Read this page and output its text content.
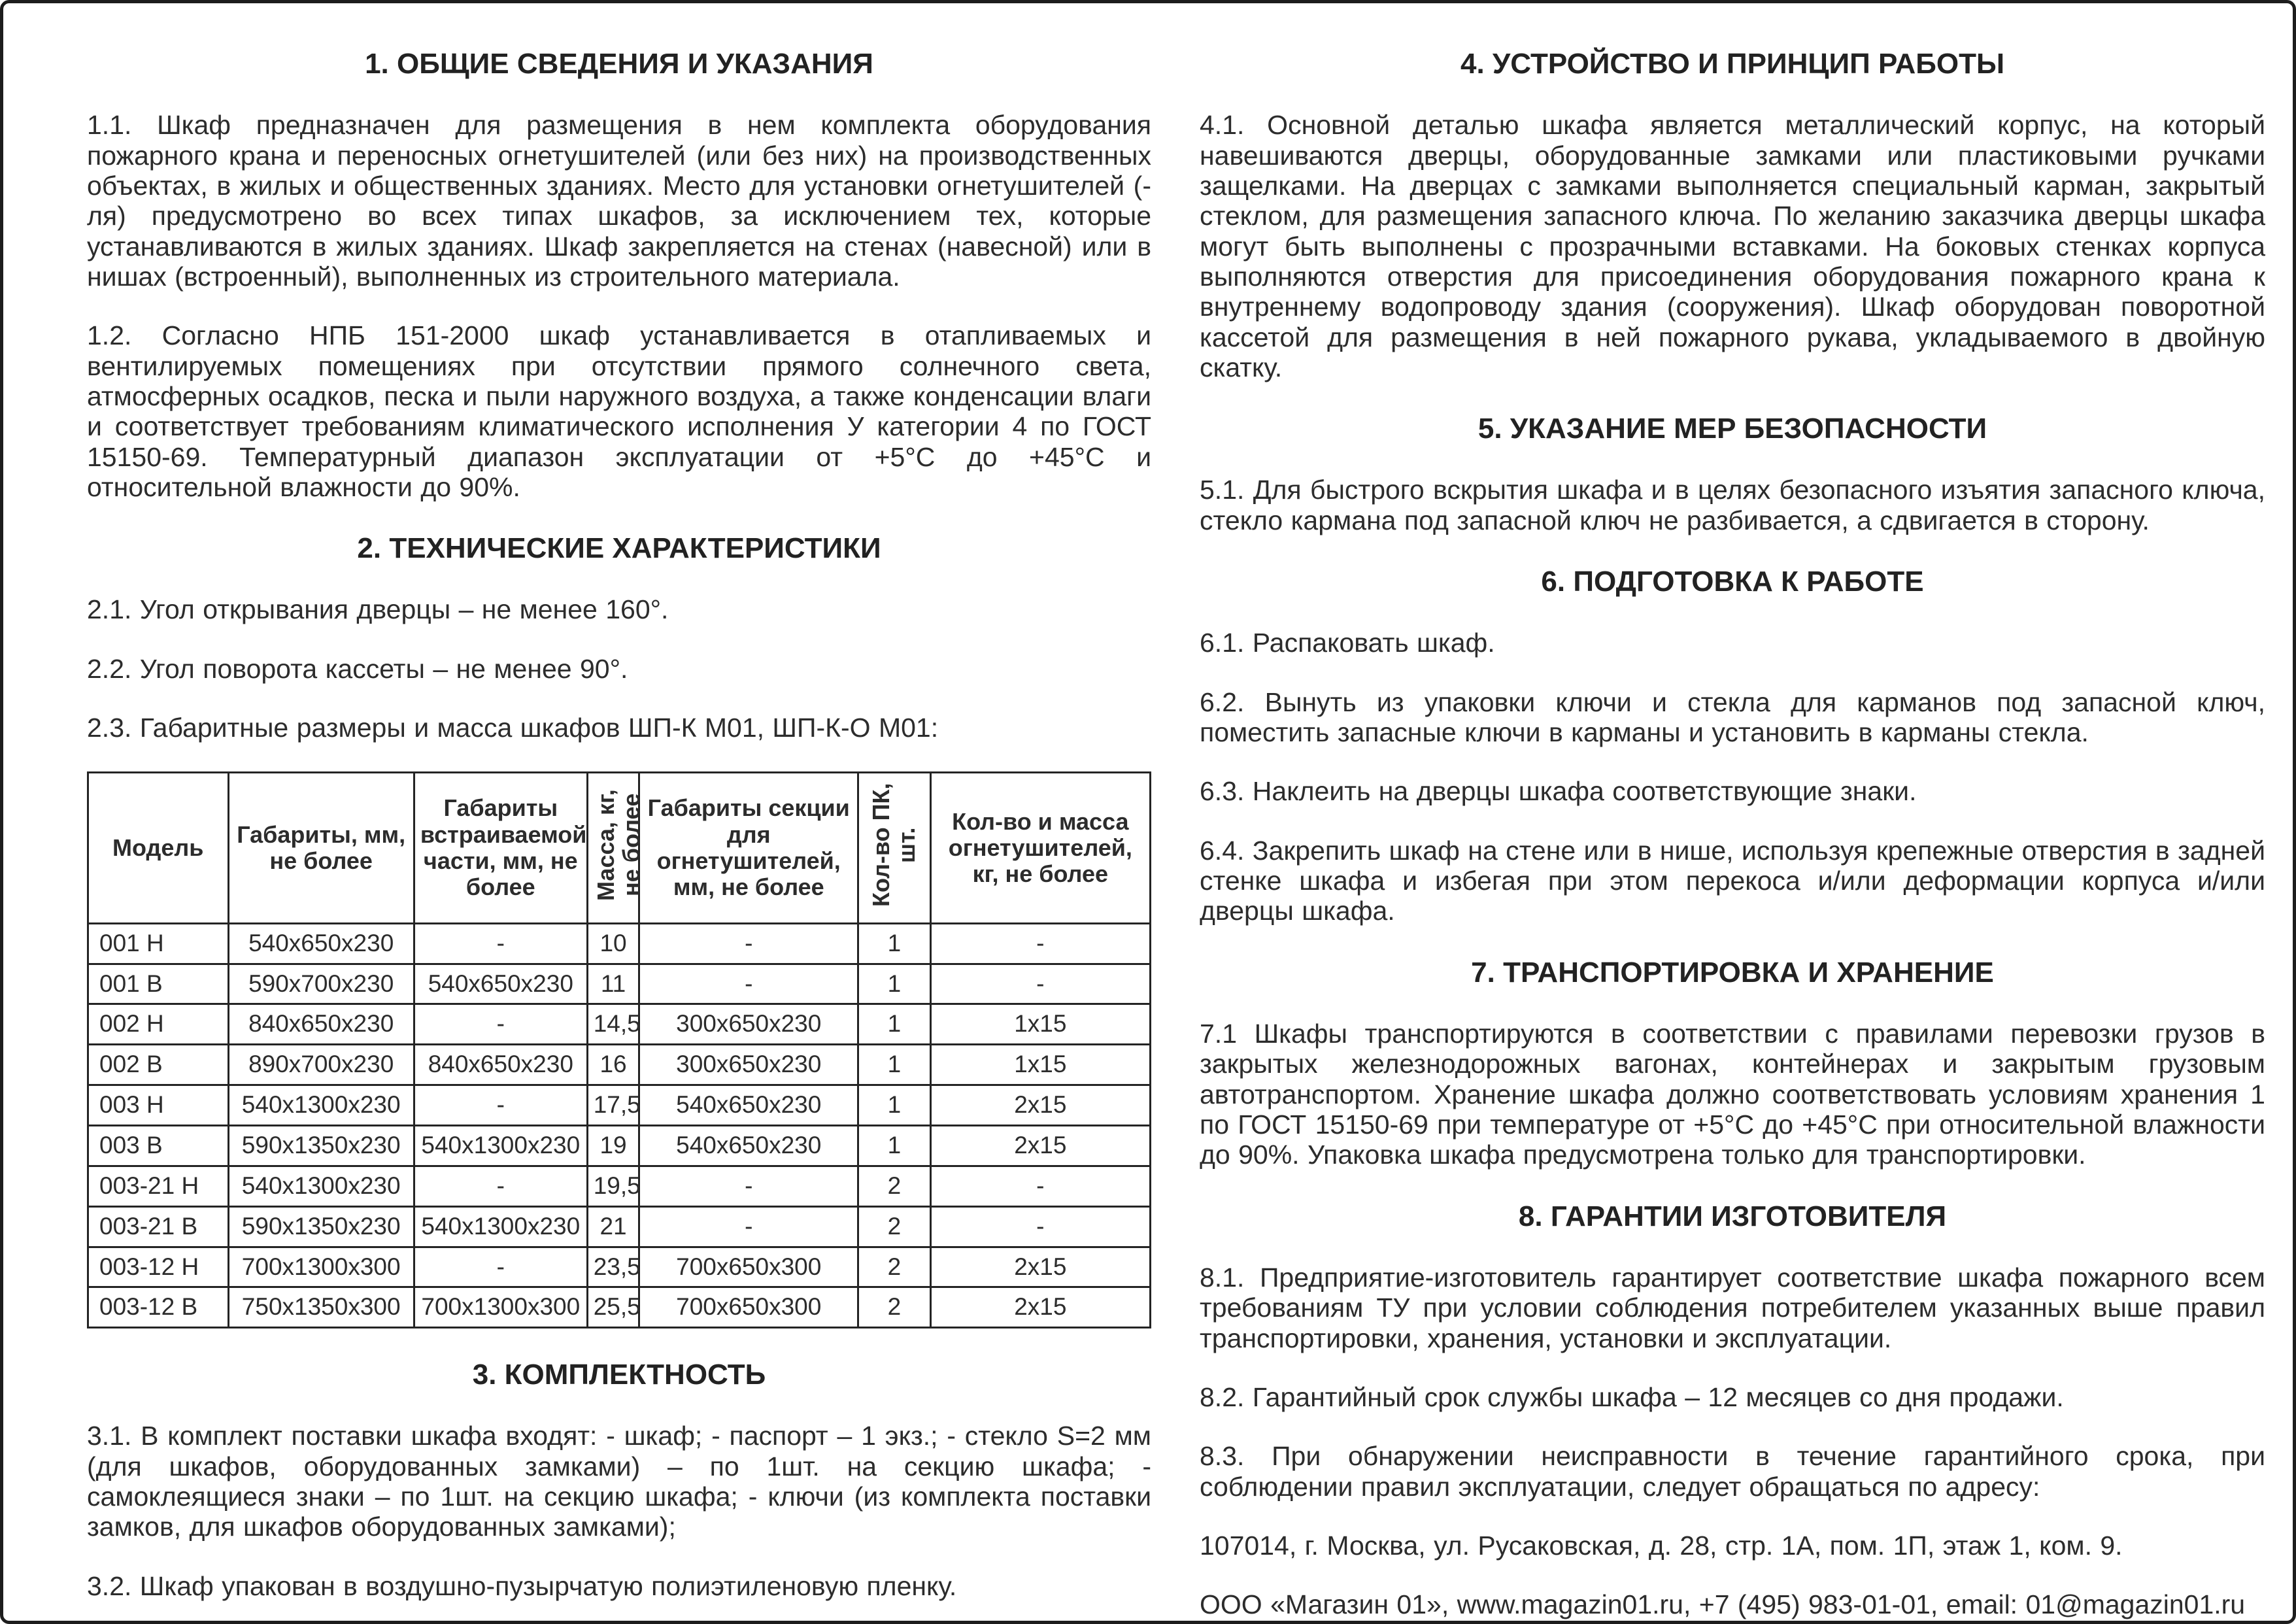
1. ОБЩИЕ СВЕДЕНИЯ И УКАЗАНИЯ

1.1. Шкаф предназначен для размещения в нем комплекта оборудования пожарного крана и переносных огнетушителей (или без них) на производственных объектах, в жилых и общественных зданиях. Место для установки огнетушителей (-ля) предусмотрено во всех типах шкафов, за исключением тех, которые устанавливаются в жилых зданиях. Шкаф закрепляется на стенах (навесной) или в нишах (встроенный), выполненных из строительного материала.

1.2. Согласно НПБ 151-2000 шкаф устанавливается в отапливаемых и вентилируемых помещениях при отсутствии прямого солнечного света, атмосферных осадков, песка и пыли наружного воздуха, а также конденсации влаги и соответствует требованиям климатического исполнения У категории 4 по ГОСТ 15150-69. Температурный диапазон эксплуатации от +5°С до +45°С и относительной влажности до 90%.

2. ТЕХНИЧЕСКИЕ ХАРАКТЕРИСТИКИ

2.1. Угол открывания дверцы – не менее 160°.

2.2. Угол поворота кассеты – не менее 90°.

2.3. Габаритные размеры и масса шкафов ШП-К М01, ШП-К-О М01:

Модель	Габариты, мм, не более	Габариты встраиваемой части, мм, не более	Масса, кг, не более	Габариты секции для огнетушителей, мм, не более	Кол-во ПК, шт.	Кол-во и масса огнетушителей, кг, не более
001 Н	540х650х230	-	10	-	1	-
001 В	590х700х230	540х650х230	11	-	1	-
002 Н	840х650х230	-	14,5	300х650х230	1	1х15
002 В	890х700х230	840х650х230	16	300х650х230	1	1х15
003 Н	540х1300х230	-	17,5	540х650х230	1	2х15
003 В	590х1350х230	540х1300х230	19	540х650х230	1	2х15
003-21 Н	540х1300х230	-	19,5	-	2	-
003-21 В	590х1350х230	540х1300х230	21	-	2	-
003-12 Н	700х1300х300	-	23,5	700х650х300	2	2х15
003-12 В	750х1350х300	700х1300х300	25,5	700х650х300	2	2х15
3. КОМПЛЕКТНОСТЬ

3.1. В комплект поставки шкафа входят: - шкаф; - паспорт – 1 экз.; - стекло S=2 мм (для шкафов, оборудованных замками) – по 1шт. на секцию шкафа; - самоклеящиеся знаки – по 1шт. на секцию шкафа; - ключи (из комплекта поставки замков, для шкафов оборудованных замками);

3.2. Шкаф упакован в воздушно-пузырчатую полиэтиленовую пленку.

4. УСТРОЙСТВО И ПРИНЦИП РАБОТЫ

4.1. Основной деталью шкафа является металлический корпус, на который навешиваются дверцы, оборудованные замками или пластиковыми ручками защелками. На дверцах с замками выполняется специальный карман, закрытый стеклом, для размещения запасного ключа. По желанию заказчика дверцы шкафа могут быть выполнены с прозрачными вставками. На боковых стенках корпуса выполняются отверстия для присоединения оборудования пожарного крана к внутреннему водопроводу здания (сооружения). Шкаф оборудован поворотной кассетой для размещения в ней пожарного рукава, укладываемого в двойную скатку.

5. УКАЗАНИЕ МЕР БЕЗОПАСНОСТИ

5.1. Для быстрого вскрытия шкафа и в целях безопасного изъятия запасного ключа, стекло кармана под запасной ключ не разбивается, а сдвигается в сторону.

6. ПОДГОТОВКА К РАБОТЕ

6.1. Распаковать шкаф.

6.2. Вынуть из упаковки ключи и стекла для карманов под запасной ключ, поместить запасные ключи в карманы и установить в карманы стекла.

6.3. Наклеить на дверцы шкафа соответствующие знаки.

6.4. Закрепить шкаф на стене или в нише, используя крепежные отверстия в задней стенке шкафа и избегая при этом перекоса и/или деформации корпуса и/или дверцы шкафа.

7. ТРАНСПОРТИРОВКА И ХРАНЕНИЕ

7.1 Шкафы транспортируются в соответствии с правилами перевозки грузов в закрытых железнодорожных вагонах, контейнерах и закрытым грузовым автотранспортом. Хранение шкафа должно соответствовать условиям хранения 1 по ГОСТ 15150-69 при температуре от +5°С до +45°С при относительной влажности до 90%. Упаковка шкафа предусмотрена только для транспортировки.

8. ГАРАНТИИ ИЗГОТОВИТЕЛЯ

8.1. Предприятие-изготовитель гарантирует соответствие шкафа пожарного всем требованиям ТУ при условии соблюдения потребителем указанных выше правил транспортировки, хранения, установки и эксплуатации.

8.2. Гарантийный срок службы шкафа – 12 месяцев со дня продажи.

8.3. При обнаружении неисправности в течение гарантийного срока, при соблюдении правил эксплуатации, следует обращаться по адресу:

107014, г. Москва, ул. Русаковская, д. 28, стр. 1А, пом. 1П, этаж 1, ком. 9.

ООО «Магазин 01», www.magazin01.ru, +7 (495) 983-01-01, email: 01@magazin01.ru
